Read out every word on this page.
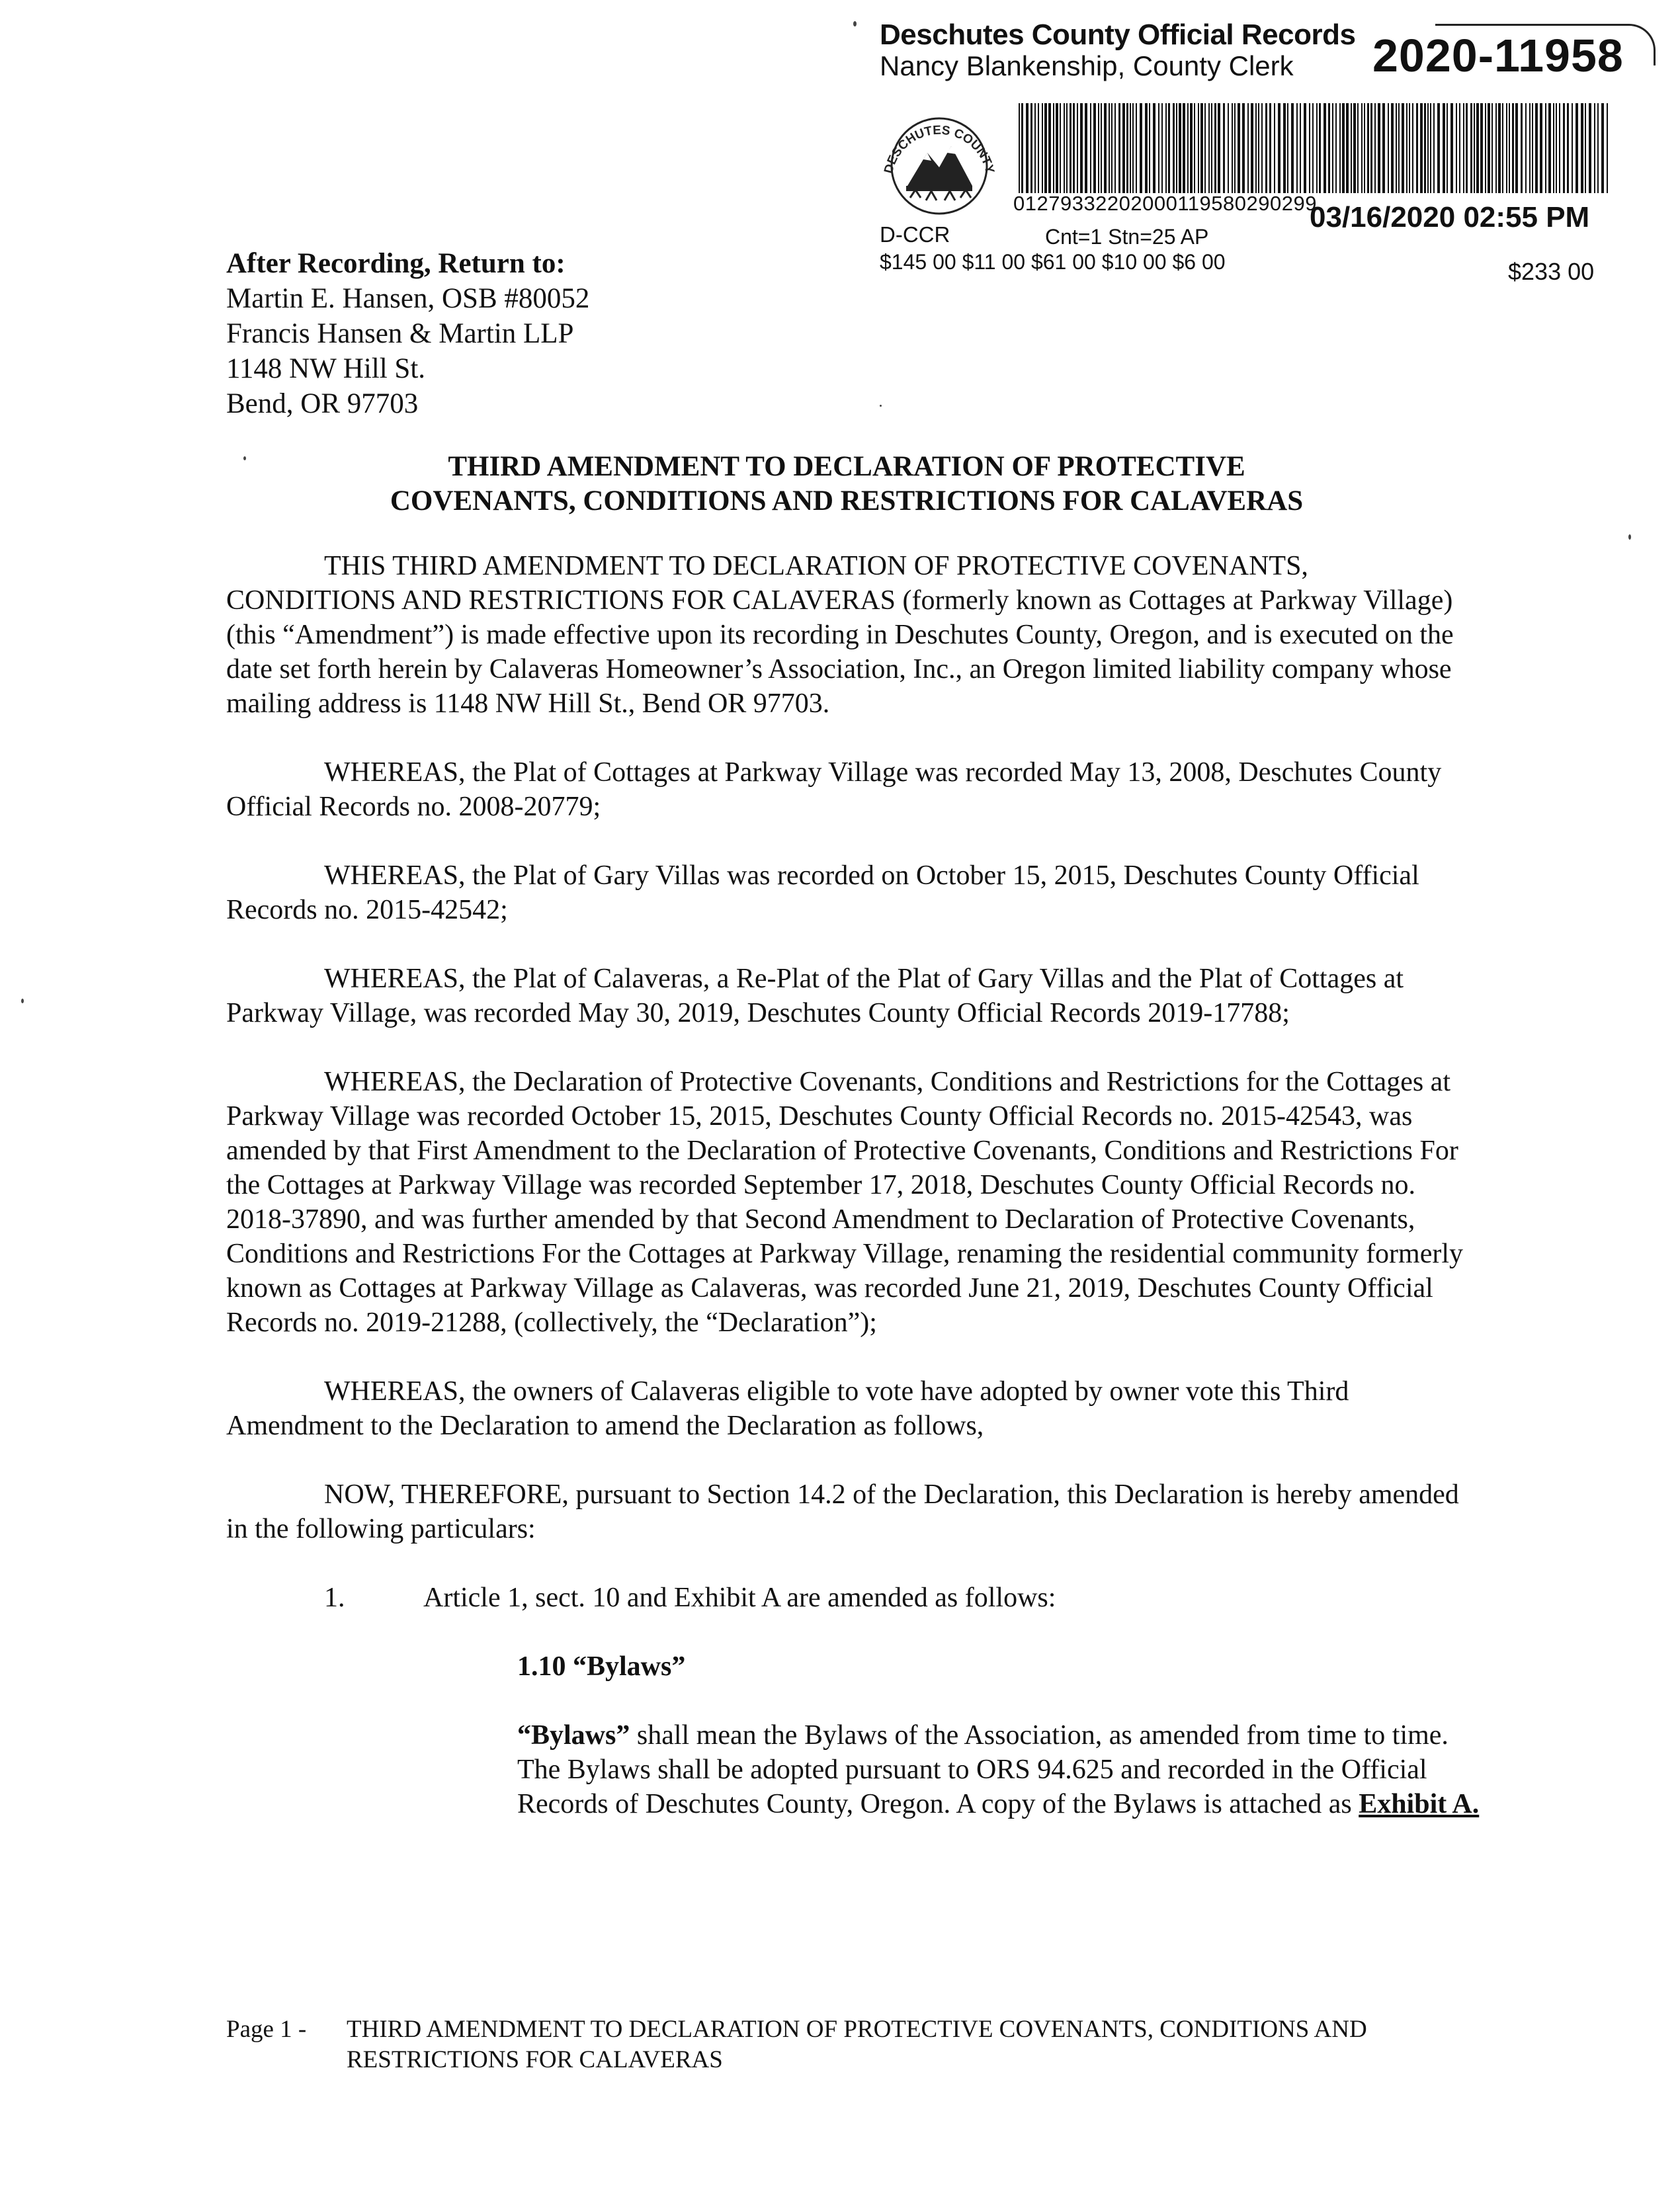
Deschutes County Official Records
Nancy Blankenship, County Clerk 2020-11958
DESCHUTES COUNTY
01279332202000119580290299
D-CCR	Cnt=1 Stn=25 AP
03/16/2020 02:55 PM
$145 00 $11 00 $61 00 $10 00 $6 00	$233 00
After Recording, Return to:
Martin E. Hansen, OSB #80052
Francis Hansen & Martin LLP
1148 NW Hill St.
Bend, OR 97703
THIRD AMENDMENT TO DECLARATION OF PROTECTIVE
COVENANTS, CONDITIONS AND RESTRICTIONS FOR CALAVERAS

THIS THIRD AMENDMENT TO DECLARATION OF PROTECTIVE COVENANTS, CONDITIONS AND RESTRICTIONS FOR CALAVERAS (formerly known as Cottages at Parkway Village) (this “Amendment”) is made effective upon its recording in Deschutes County, Oregon, and is executed on the date set forth herein by Calaveras Homeowner’s Association, Inc., an Oregon limited liability company whose mailing address is 1148 NW Hill St., Bend OR 97703.

WHEREAS, the Plat of Cottages at Parkway Village was recorded May 13, 2008, Deschutes County Official Records no. 2008-20779;

WHEREAS, the Plat of Gary Villas was recorded on October 15, 2015, Deschutes County Official Records no. 2015-42542;

WHEREAS, the Plat of Calaveras, a Re-Plat of the Plat of Gary Villas and the Plat of Cottages at Parkway Village, was recorded May 30, 2019, Deschutes County Official Records 2019-17788;

WHEREAS, the Declaration of Protective Covenants, Conditions and Restrictions for the Cottages at Parkway Village was recorded October 15, 2015, Deschutes County Official Records no. 2015-42543, was amended by that First Amendment to the Declaration of Protective Covenants, Conditions and Restrictions For the Cottages at Parkway Village was recorded September 17, 2018, Deschutes County Official Records no. 2018-37890, and was further amended by that Second Amendment to Declaration of Protective Covenants, Conditions and Restrictions For the Cottages at Parkway Village, renaming the residential community formerly known as Cottages at Parkway Village as Calaveras, was recorded June 21, 2019, Deschutes County Official Records no. 2019-21288, (collectively, the “Declaration”);

WHEREAS, the owners of Calaveras eligible to vote have adopted by owner vote this Third Amendment to the Declaration to amend the Declaration as follows,

NOW, THEREFORE, pursuant to Section 14.2 of the Declaration, this Declaration is hereby amended in the following particulars:

1.	Article 1, sect. 10 and Exhibit A are amended as follows:

1.10 “Bylaws”

“Bylaws” shall mean the Bylaws of the Association, as amended from time to time. The Bylaws shall be adopted pursuant to ORS 94.625 and recorded in the Official Records of Deschutes County, Oregon. A copy of the Bylaws is attached as Exhibit A.

Page 1 -	THIRD AMENDMENT TO DECLARATION OF PROTECTIVE COVENANTS, CONDITIONS AND RESTRICTIONS FOR CALAVERAS
